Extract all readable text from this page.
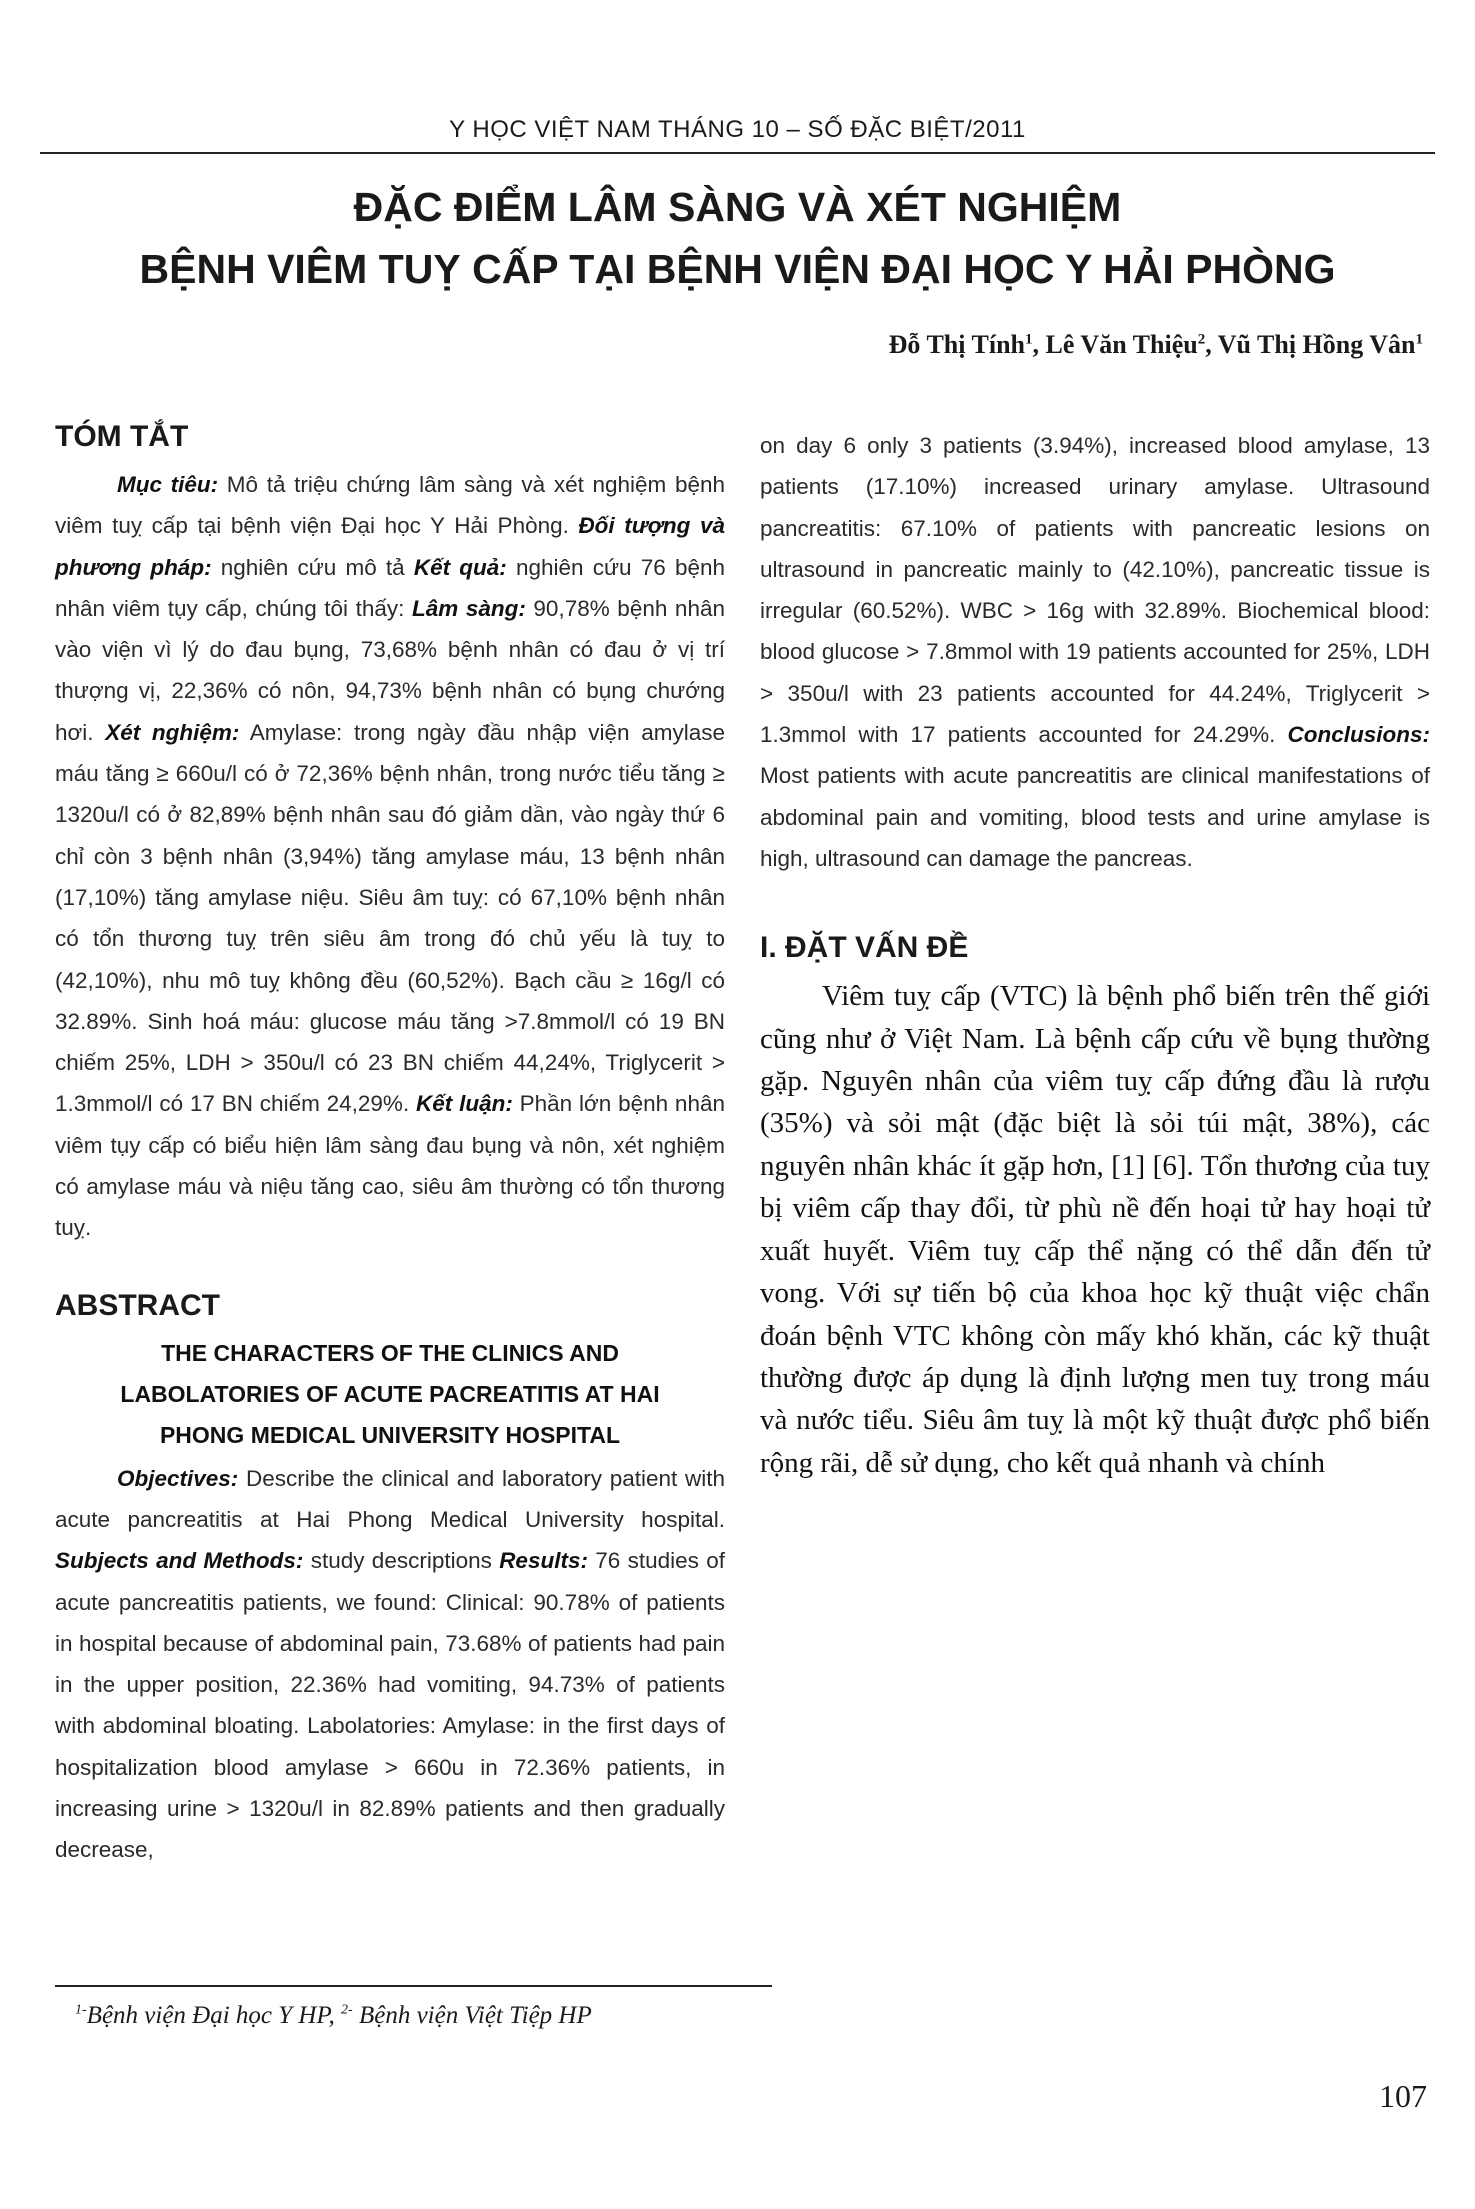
Y HỌC VIỆT NAM THÁNG 10 – SỐ ĐẶC BIỆT/2011
ĐẶC ĐIỂM LÂM SÀNG VÀ XÉT NGHIỆM
BỆNH VIÊM TUỴ CẤP TẠI BỆNH VIỆN ĐẠI HỌC Y HẢI PHÒNG
Đỗ Thị Tính$^1$, Lê Văn Thiệu$^2$, Vũ Thị Hồng Vân$^1$
TÓM TẮT

Mục tiêu: Mô tả triệu chứng lâm sàng và xét nghiệm bệnh viêm tuỵ cấp tại bệnh viện Đại học Y Hải Phòng. Đối tượng và phương pháp: nghiên cứu mô tả Kết quả: nghiên cứu 76 bệnh nhân viêm tụy cấp, chúng tôi thấy: Lâm sàng: 90,78% bệnh nhân vào viện vì lý do đau bụng, 73,68% bệnh nhân có đau ở vị trí thượng vị, 22,36% có nôn, 94,73% bệnh nhân có bụng chướng hơi. Xét nghiệm: Amylase: trong ngày đầu nhập viện amylase máu tăng ≥ 660u/l có ở 72,36% bệnh nhân, trong nước tiểu tăng ≥ 1320u/l có ở 82,89% bệnh nhân sau đó giảm dần, vào ngày thứ 6 chỉ còn 3 bệnh nhân (3,94%) tăng amylase máu, 13 bệnh nhân (17,10%) tăng amylase niệu. Siêu âm tuỵ: có 67,10% bệnh nhân có tổn thương tuỵ trên siêu âm trong đó chủ yếu là tuỵ to (42,10%), nhu mô tuỵ không đều (60,52%). Bạch cầu ≥ 16g/l có 32.89%. Sinh hoá máu: glucose máu tăng >7.8mmol/l có 19 BN chiếm 25%, LDH > 350u/l có 23 BN chiếm 44,24%, Triglycerit > 1.3mmol/l có 17 BN chiếm 24,29%. Kết luận: Phần lớn bệnh nhân viêm tụy cấp có biểu hiện lâm sàng đau bụng và nôn, xét nghiệm có amylase máu và niệu tăng cao, siêu âm thường có tổn thương tuỵ.

ABSTRACT
THE CHARACTERS OF THE CLINICS AND
LABOLATORIES OF ACUTE PACREATITIS AT HAI
PHONG MEDICAL UNIVERSITY HOSPITAL

Objectives: Describe the clinical and laboratory patient with acute pancreatitis at Hai Phong Medical University hospital. Subjects and Methods: study descriptions Results: 76 studies of acute pancreatitis patients, we found: Clinical: 90.78% of patients in hospital because of abdominal pain, 73.68% of patients had pain in the upper position, 22.36% had vomiting, 94.73% of patients with abdominal bloating. Labolatories: Amylase: in the first days of hospitalization blood amylase > 660u in 72.36% patients, in increasing urine > 1320u/l in 82.89% patients and then gradually decrease,

on day 6 only 3 patients (3.94%), increased blood amylase, 13 patients (17.10%) increased urinary amylase. Ultrasound pancreatitis: 67.10% of patients with pancreatic lesions on ultrasound in pancreatic mainly to (42.10%), pancreatic tissue is irregular (60.52%). WBC > 16g with 32.89%. Biochemical blood: blood glucose > 7.8mmol with 19 patients accounted for 25%, LDH > 350u/l with 23 patients accounted for 44.24%, Triglycerit > 1.3mmol with 17 patients accounted for 24.29%. Conclusions: Most patients with acute pancreatitis are clinical manifestations of abdominal pain and vomiting, blood tests and urine amylase is high, ultrasound can damage the pancreas.

I. ĐẶT VẤN ĐỀ

Viêm tuỵ cấp (VTC) là bệnh phổ biến trên thế giới cũng như ở Việt Nam. Là bệnh cấp cứu về bụng thường gặp. Nguyên nhân của viêm tuỵ cấp đứng đầu là rượu (35%) và sỏi mật (đặc biệt là sỏi túi mật, 38%), các nguyên nhân khác ít gặp hơn, [1] [6]. Tổn thương của tuỵ bị viêm cấp thay đổi, từ phù nề đến hoại tử hay hoại tử xuất huyết. Viêm tuỵ cấp thể nặng có thể dẫn đến tử vong. Với sự tiến bộ của khoa học kỹ thuật việc chẩn đoán bệnh VTC không còn mấy khó khăn, các kỹ thuật thường được áp dụng là định lượng men tuỵ trong máu và nước tiểu. Siêu âm tuỵ là một kỹ thuật được phổ biến rộng rãi, dễ sử dụng, cho kết quả nhanh và chính

$^{1-}$Bệnh viện Đại học Y HP, $^{2-}$ Bệnh viện Việt Tiệp HP
107
